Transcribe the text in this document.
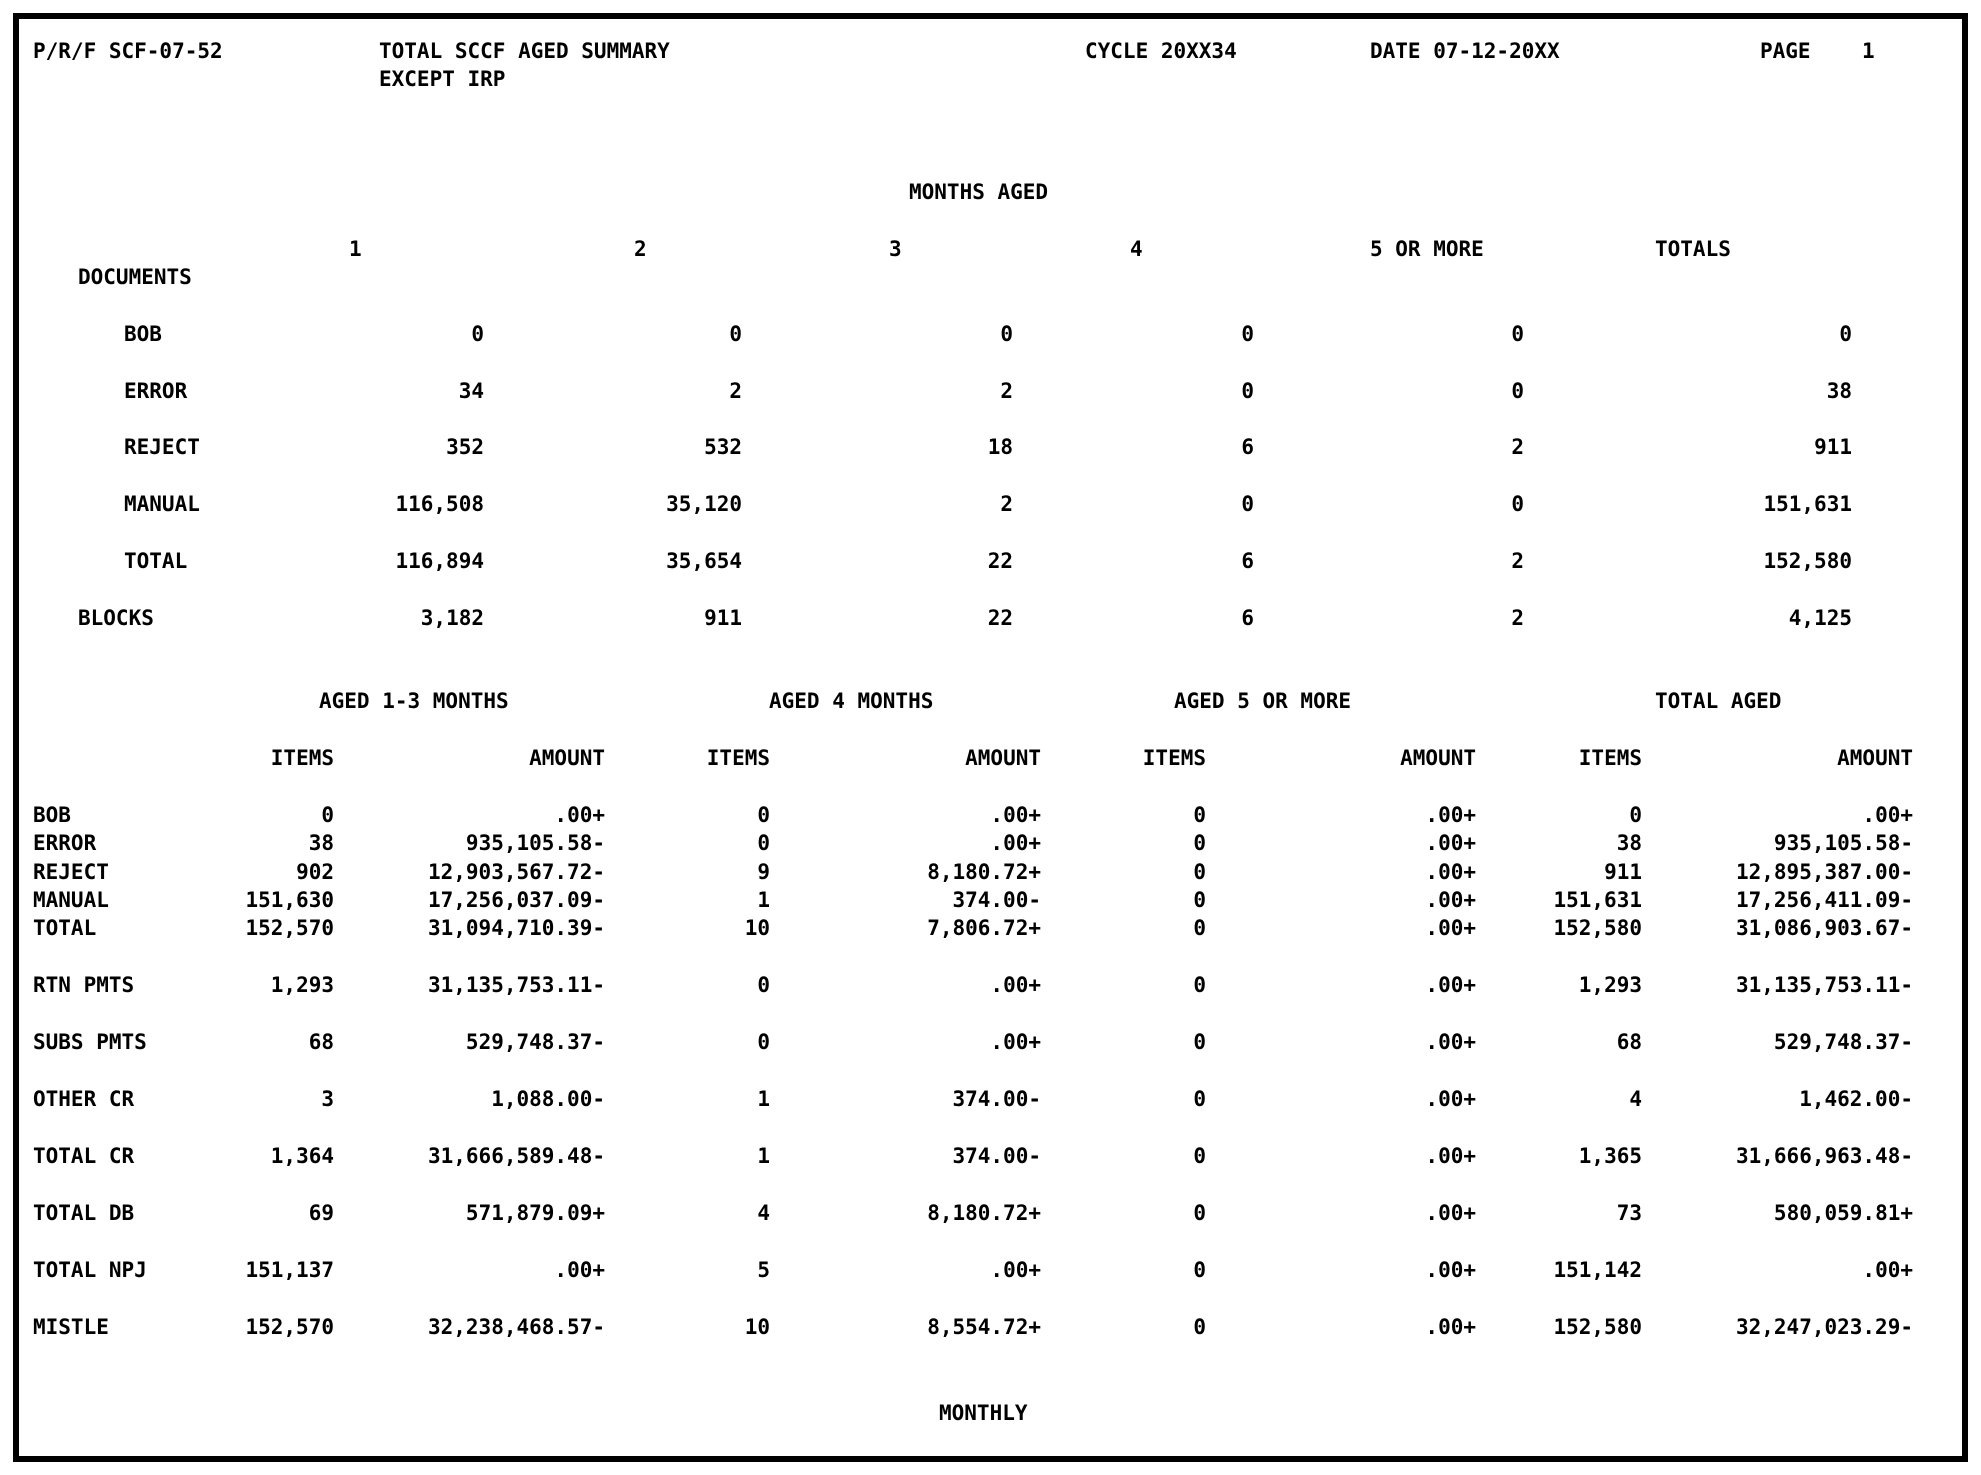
P/R/F SCF-07-52	TOTAL SCCF AGED SUMMARY
EXCEPT IRP
CYCLE 20XX34	DATE 07-12-20XX	PAGE 1
MONTHS AGED
1	2	3	4	5 OR MORE	TOTALS
DOCUMENTS
BOB	0	0	0	0	0	0
ERROR	34	2	2	0	0	38
REJECT	352	532	18	6	2	911
MANUAL	116,508	35,120	2	0	0	151,631
TOTAL	116,894	35,654	22	6	2	152,580
BLOCKS	3,182	911	22	6	2	4,125
AGED 1-3 MONTHS	AGED 4 MONTHS	AGED 5 OR MORE	TOTAL AGED
ITEMS	AMOUNT	ITEMS	AMOUNT	ITEMS	AMOUNT	ITEMS	AMOUNT
BOB	0	.00+	0	.00+	0	.00+	0	.00+
ERROR	38	935,105.58-	0	.00+	0	.00+	38	935,105.58-
REJECT	902	12,903,567.72-	9	8,180.72+	0	.00+	911	12,895,387.00-
MANUAL	151,630	17,256,037.09-	1	374.00-	0	.00+	151,631	17,256,411.09-
TOTAL	152,570	31,094,710.39-	10	7,806.72+	0	.00+	152,580	31,086,903.67-
RTN PMTS	1,293	31,135,753.11-	0	.00+	0	.00+	1,293	31,135,753.11-
SUBS PMTS	68	529,748.37-	0	.00+	0	.00+	68	529,748.37-
OTHER CR	3	1,088.00-	1	374.00-	0	.00+	4	1,462.00-
TOTAL CR	1,364	31,666,589.48-	1	374.00-	0	.00+	1,365	31,666,963.48-
TOTAL DB	69	571,879.09+	4	8,180.72+	0	.00+	73	580,059.81+
TOTAL NPJ	151,137	.00+	5	.00+	0	.00+	151,142	.00+
MISTLE	152,570	32,238,468.57-	10	8,554.72+	0	.00+	152,580	32,247,023.29-
MONTHLY
